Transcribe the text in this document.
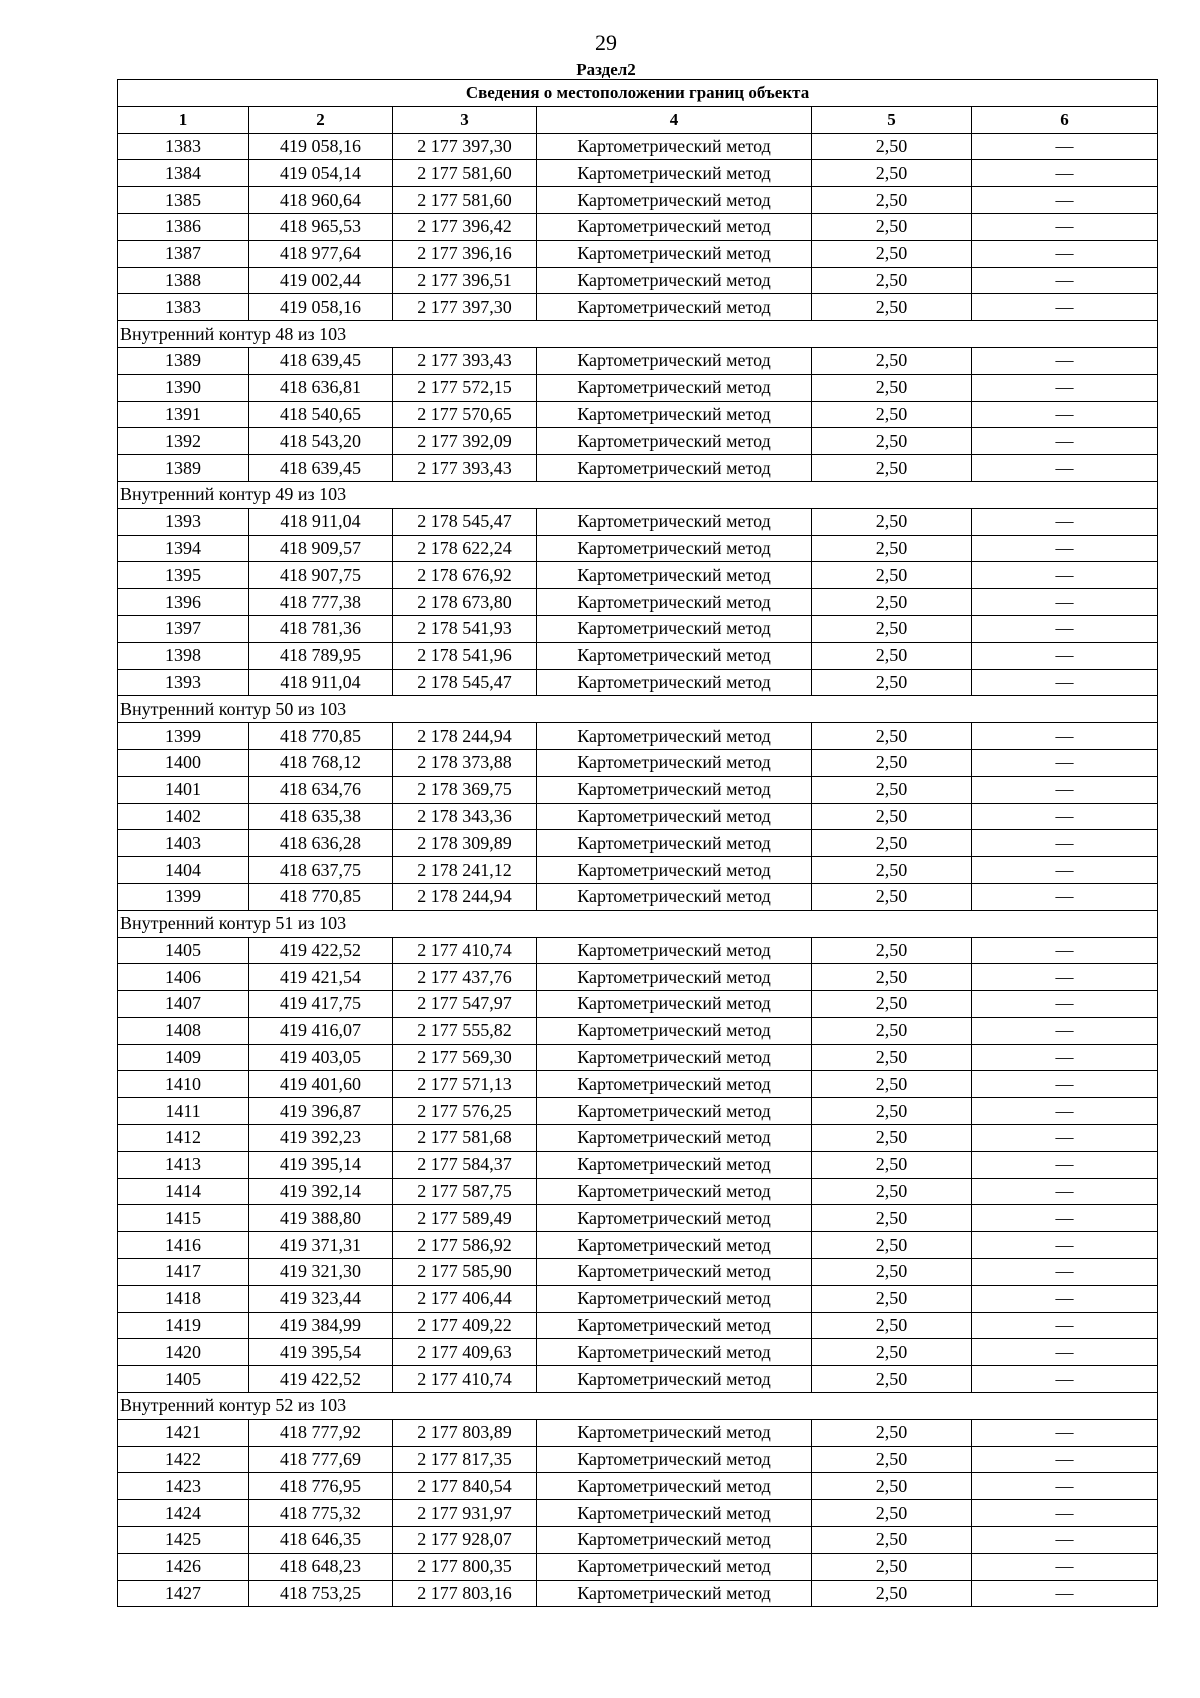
29
Раздел2
Сведения о местоположении границ объекта					
1	2	3	4	5	6
1383	419 058,16	2 177 397,30	Картометрический метод	2,50	—
1384	419 054,14	2 177 581,60	Картометрический метод	2,50	—
1385	418 960,64	2 177 581,60	Картометрический метод	2,50	—
1386	418 965,53	2 177 396,42	Картометрический метод	2,50	—
1387	418 977,64	2 177 396,16	Картометрический метод	2,50	—
1388	419 002,44	2 177 396,51	Картометрический метод	2,50	—
1383	419 058,16	2 177 397,30	Картометрический метод	2,50	—
Внутренний контур 48 из 103					
1389	418 639,45	2 177 393,43	Картометрический метод	2,50	—
1390	418 636,81	2 177 572,15	Картометрический метод	2,50	—
1391	418 540,65	2 177 570,65	Картометрический метод	2,50	—
1392	418 543,20	2 177 392,09	Картометрический метод	2,50	—
1389	418 639,45	2 177 393,43	Картометрический метод	2,50	—
Внутренний контур 49 из 103					
1393	418 911,04	2 178 545,47	Картометрический метод	2,50	—
1394	418 909,57	2 178 622,24	Картометрический метод	2,50	—
1395	418 907,75	2 178 676,92	Картометрический метод	2,50	—
1396	418 777,38	2 178 673,80	Картометрический метод	2,50	—
1397	418 781,36	2 178 541,93	Картометрический метод	2,50	—
1398	418 789,95	2 178 541,96	Картометрический метод	2,50	—
1393	418 911,04	2 178 545,47	Картометрический метод	2,50	—
Внутренний контур 50 из 103					
1399	418 770,85	2 178 244,94	Картометрический метод	2,50	—
1400	418 768,12	2 178 373,88	Картометрический метод	2,50	—
1401	418 634,76	2 178 369,75	Картометрический метод	2,50	—
1402	418 635,38	2 178 343,36	Картометрический метод	2,50	—
1403	418 636,28	2 178 309,89	Картометрический метод	2,50	—
1404	418 637,75	2 178 241,12	Картометрический метод	2,50	—
1399	418 770,85	2 178 244,94	Картометрический метод	2,50	—
Внутренний контур 51 из 103					
1405	419 422,52	2 177 410,74	Картометрический метод	2,50	—
1406	419 421,54	2 177 437,76	Картометрический метод	2,50	—
1407	419 417,75	2 177 547,97	Картометрический метод	2,50	—
1408	419 416,07	2 177 555,82	Картометрический метод	2,50	—
1409	419 403,05	2 177 569,30	Картометрический метод	2,50	—
1410	419 401,60	2 177 571,13	Картометрический метод	2,50	—
1411	419 396,87	2 177 576,25	Картометрический метод	2,50	—
1412	419 392,23	2 177 581,68	Картометрический метод	2,50	—
1413	419 395,14	2 177 584,37	Картометрический метод	2,50	—
1414	419 392,14	2 177 587,75	Картометрический метод	2,50	—
1415	419 388,80	2 177 589,49	Картометрический метод	2,50	—
1416	419 371,31	2 177 586,92	Картометрический метод	2,50	—
1417	419 321,30	2 177 585,90	Картометрический метод	2,50	—
1418	419 323,44	2 177 406,44	Картометрический метод	2,50	—
1419	419 384,99	2 177 409,22	Картометрический метод	2,50	—
1420	419 395,54	2 177 409,63	Картометрический метод	2,50	—
1405	419 422,52	2 177 410,74	Картометрический метод	2,50	—
Внутренний контур 52 из 103					
1421	418 777,92	2 177 803,89	Картометрический метод	2,50	—
1422	418 777,69	2 177 817,35	Картометрический метод	2,50	—
1423	418 776,95	2 177 840,54	Картометрический метод	2,50	—
1424	418 775,32	2 177 931,97	Картометрический метод	2,50	—
1425	418 646,35	2 177 928,07	Картометрический метод	2,50	—
1426	418 648,23	2 177 800,35	Картометрический метод	2,50	—
1427	418 753,25	2 177 803,16	Картометрический метод	2,50	—
